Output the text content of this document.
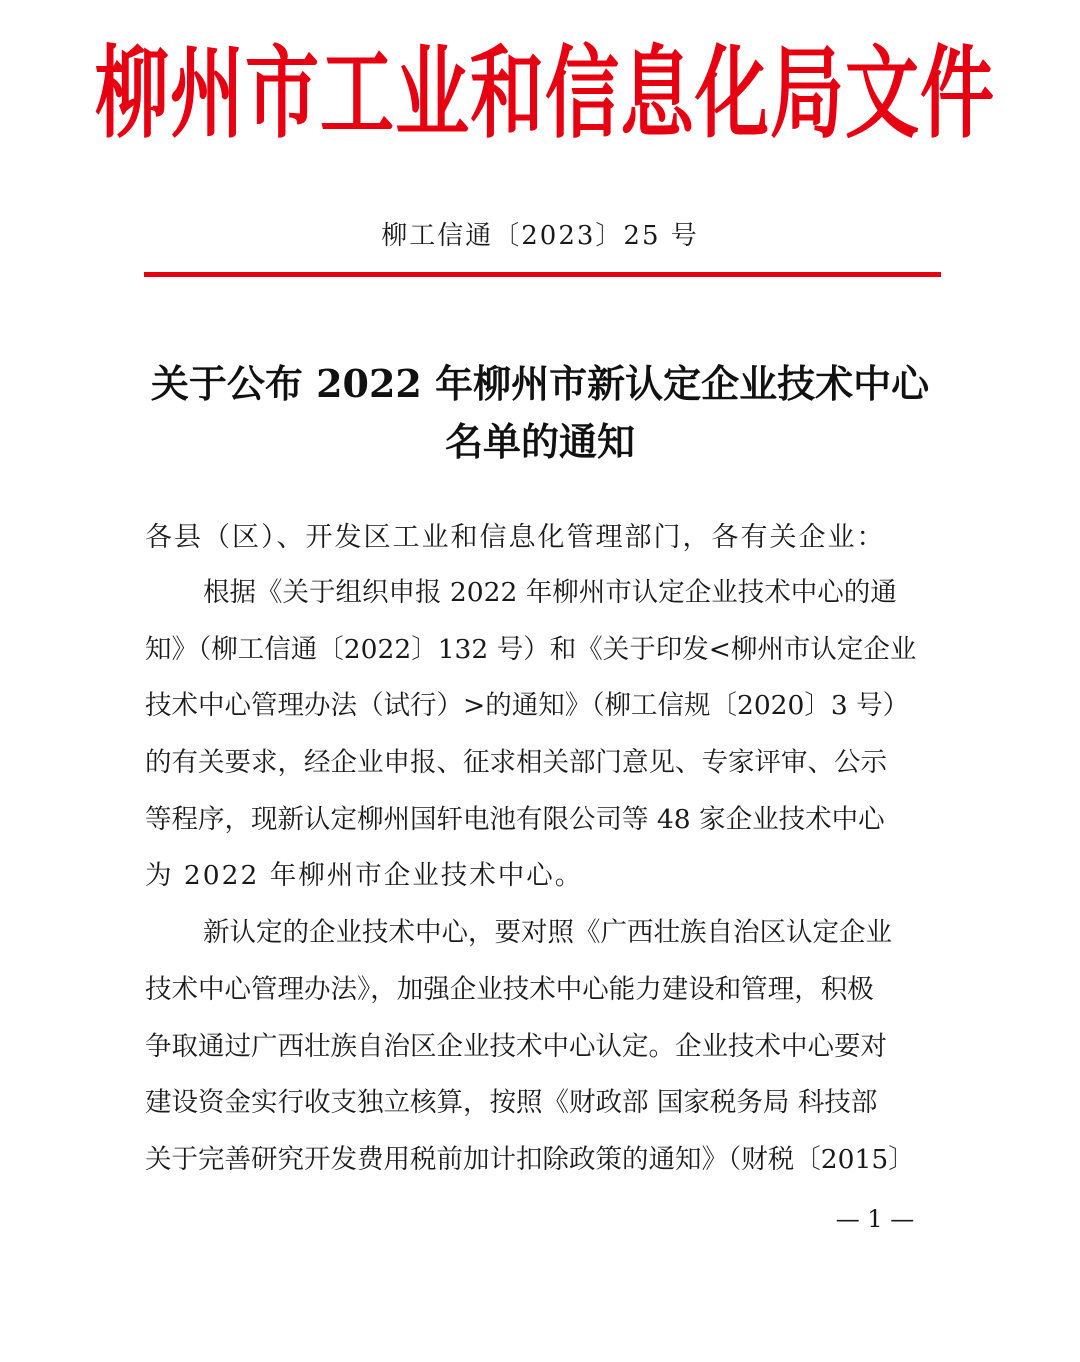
柳州市工业和信息化局文件
柳工信通〔2023〕25 号
关于公布 2022 年柳州市新认定企业技术中心
名单的通知
各县（区）、开发区工业和信息化管理部门，各有关企业：
根据《关于组织申报 2022 年柳州市认定企业技术中心的通
知》（柳工信通〔2022〕132 号）和《关于印发<柳州市认定企业
技术中心管理办法（试行）>的通知》（柳工信规〔2020〕3 号）
的有关要求，经企业申报、征求相关部门意见、专家评审、公示
等程序，现新认定柳州国轩电池有限公司等 48 家企业技术中心
为 2022 年柳州市企业技术中心。
新认定的企业技术中心，要对照《广西壮族自治区认定企业
技术中心管理办法》，加强企业技术中心能力建设和管理，积极
争取通过广西壮族自治区企业技术中心认定。企业技术中心要对
建设资金实行收支独立核算，按照《财政部 国家税务局 科技部
关于完善研究开发费用税前加计扣除政策的通知》（财税〔2015〕
— 1 —
